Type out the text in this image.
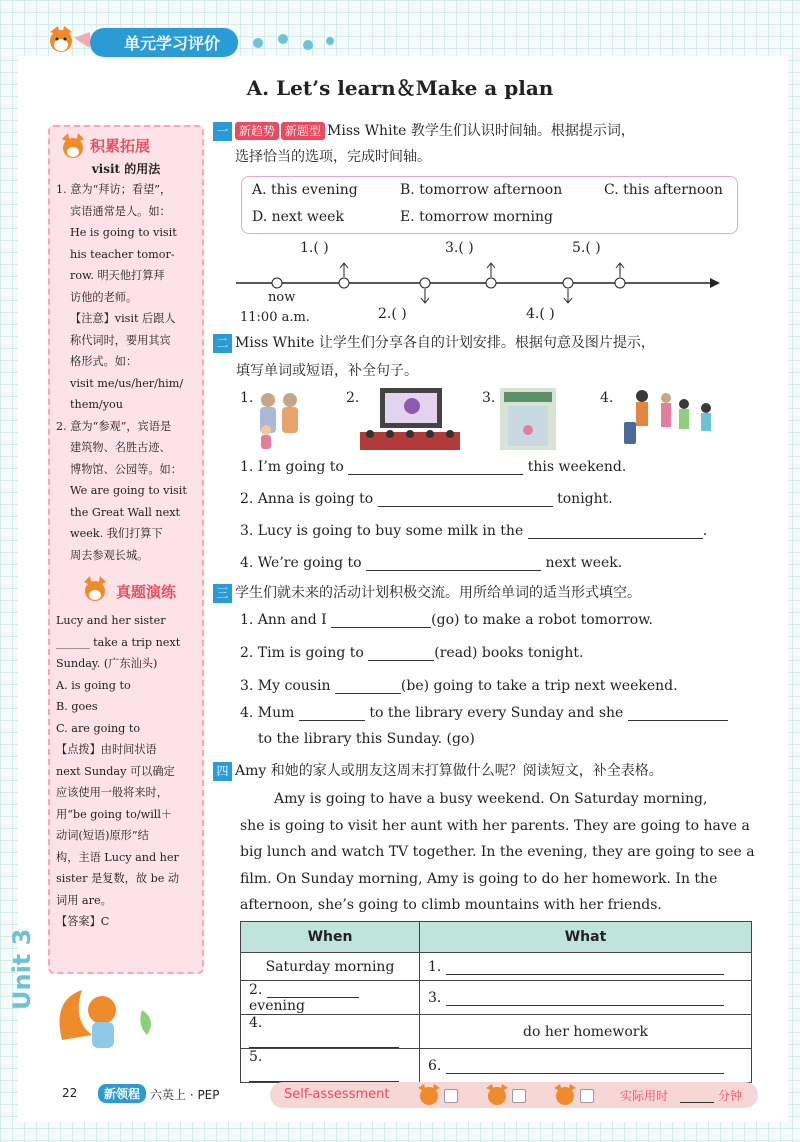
单元学习评价
A. Let’s learn＆Make a plan
积累拓展
visit 的用法

1. 意为“拜访；看望”，

宾语通常是人。如：

He is going to visit

his teacher tomor-

row. 明天他打算拜

访他的老师。

【注意】visit 后跟人

称代词时，要用其宾

格形式。如：

visit me/us/her/him/

them/you

2. 意为“参观”，宾语是

建筑物、名胜古迹、

博物馆、公园等。如：

We are going to visit

the Great Wall next

week. 我们打算下

周去参观长城。

真题演练

Lucy and her sister

______ take a trip next

Sunday. (广东汕头)

A. is going to

B. goes

C. are going to

【点拨】由时间状语

next Sunday 可以确定

应该使用一般将来时，

用“be going to/will＋

动词(短语)原形”结

构，主语 Lucy and her

sister 是复数，故 be 动

词用 are。

【答案】C

Unit 3
一 新趋势 新题型 Miss White 教学生们认识时间轴。根据提示词，
选择恰当的选项，完成时间轴。
A. this evening	B. tomorrow afternoon	C. this afternoon
D. next week	E. tomorrow morning
1.( )	3.( )	5.( )
2.( )	4.( )
now
11:00 a.m.
二 Miss White 让学生们分享各自的计划安排。根据句意及图片提示，
填写单词或短语，补全句子。
1.	2.	3.	4.
1. I’m going to	this weekend.
2. Anna is going to	tonight.
3. Lucy is going to buy some milk in the	.
4. We’re going to	next week.
三 学生们就未来的活动计划积极交流。用所给单词的适当形式填空。
1. Ann and I	(go) to make a robot tomorrow.
2. Tim is going to	(read) books tonight.
3. My cousin	(be) going to take a trip next weekend.
4. Mum	to the library every Sunday and she
to the library this Sunday. (go)
四 Amy 和她的家人或朋友这周末打算做什么呢？阅读短文，补全表格。
Amy is going to have a busy weekend. On Saturday morning,
she is going to visit her aunt with her parents. They are going to have a
big lunch and watch TV together. In the evening, they are going to see a
film. On Sunday morning, Amy is going to do her homework. In the
afternoon, she’s going to climb mountains with her friends.
When	What
Saturday morning	1.
2.  evening	3.
4.	do her homework
5.	6.
22	新领程 六英上 · PEP	Self-assessment	实际用时	分钟
